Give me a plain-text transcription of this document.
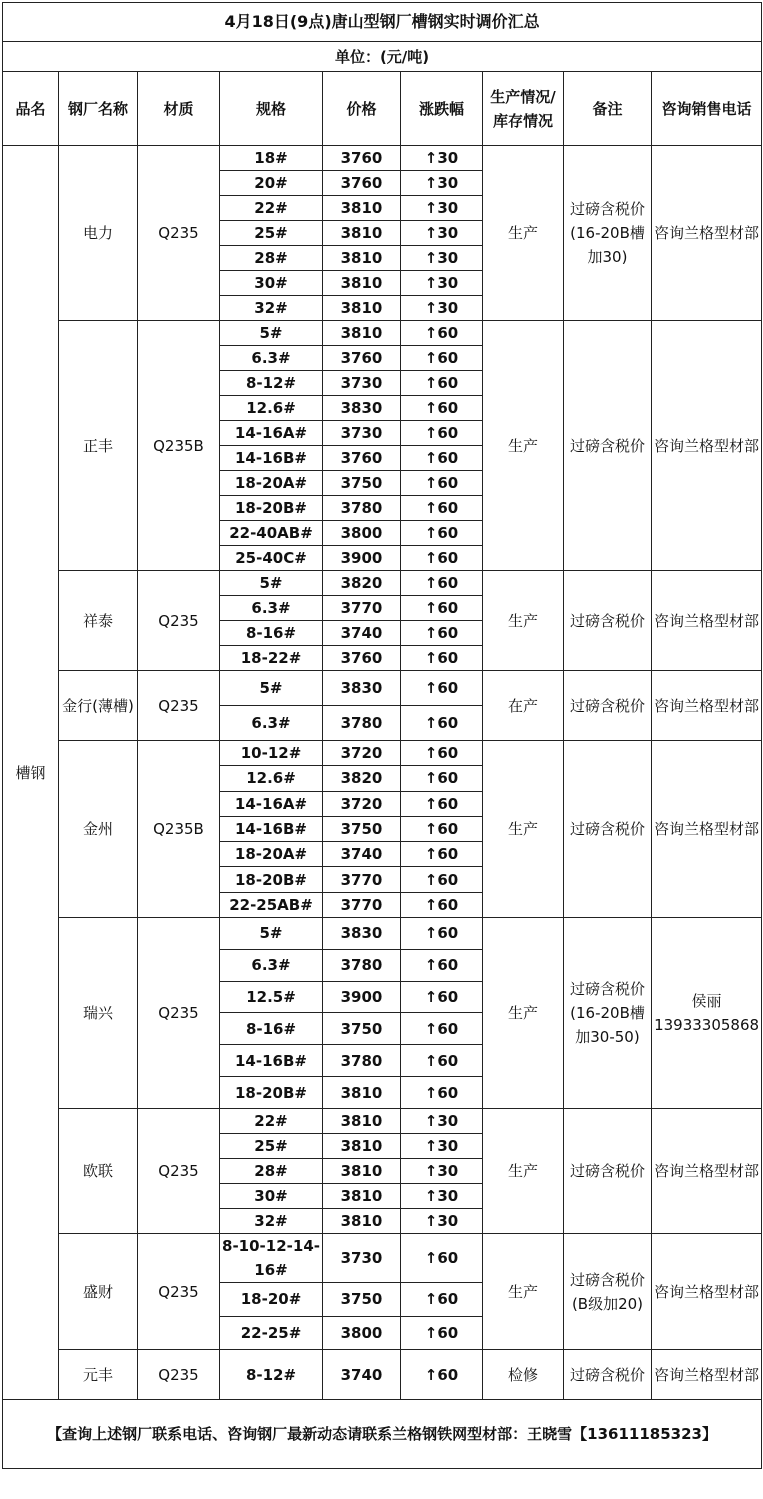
4月18日(9点)唐山型钢厂槽钢实时调价汇总								
单位：(元/吨)								
品名	钢厂名称	材质	规格	价格	涨跌幅	生产情况/库存情况	备注	咨询销售电话
槽钢	电力	Q235	18#	3760	↑30	生产	过磅含税价(16-20B槽加30)	咨询兰格型材部
			20#	3760	↑30			
			22#	3810	↑30			
			25#	3810	↑30			
			28#	3810	↑30			
			30#	3810	↑30			
			32#	3810	↑30			
	正丰	Q235B	5#	3810	↑60	生产	过磅含税价	咨询兰格型材部
			6.3#	3760	↑60			
			8-12#	3730	↑60			
			12.6#	3830	↑60			
			14-16A#	3730	↑60			
			14-16B#	3760	↑60			
			18-20A#	3750	↑60			
			18-20B#	3780	↑60			
			22-40AB#	3800	↑60			
			25-40C#	3900	↑60			
	祥泰	Q235	5#	3820	↑60	生产	过磅含税价	咨询兰格型材部
			6.3#	3770	↑60			
			8-16#	3740	↑60			
			18-22#	3760	↑60			
	金行(薄槽)	Q235	5#	3830	↑60	在产	过磅含税价	咨询兰格型材部
			6.3#	3780	↑60			
	金州	Q235B	10-12#	3720	↑60	生产	过磅含税价	咨询兰格型材部
			12.6#	3820	↑60			
			14-16A#	3720	↑60			
			14-16B#	3750	↑60			
			18-20A#	3740	↑60			
			18-20B#	3770	↑60			
			22-25AB#	3770	↑60			
	瑞兴	Q235	5#	3830	↑60	生产	过磅含税价(16-20B槽加30-50)	侯丽13933305868
			6.3#	3780	↑60			
			12.5#	3900	↑60			
			8-16#	3750	↑60			
			14-16B#	3780	↑60			
			18-20B#	3810	↑60			
	欧联	Q235	22#	3810	↑30	生产	过磅含税价	咨询兰格型材部
			25#	3810	↑30			
			28#	3810	↑30			
			30#	3810	↑30			
			32#	3810	↑30			
	盛财	Q235	8-10-12-14-16#	3730	↑60	生产	过磅含税价(B级加20)	咨询兰格型材部
			18-20#	3750	↑60			
			22-25#	3800	↑60			
	元丰	Q235	8-12#	3740	↑60	检修	过磅含税价	咨询兰格型材部
【查询上述钢厂联系电话、咨询钢厂最新动态请联系兰格钢铁网型材部：王晓雪【13611185323】								
